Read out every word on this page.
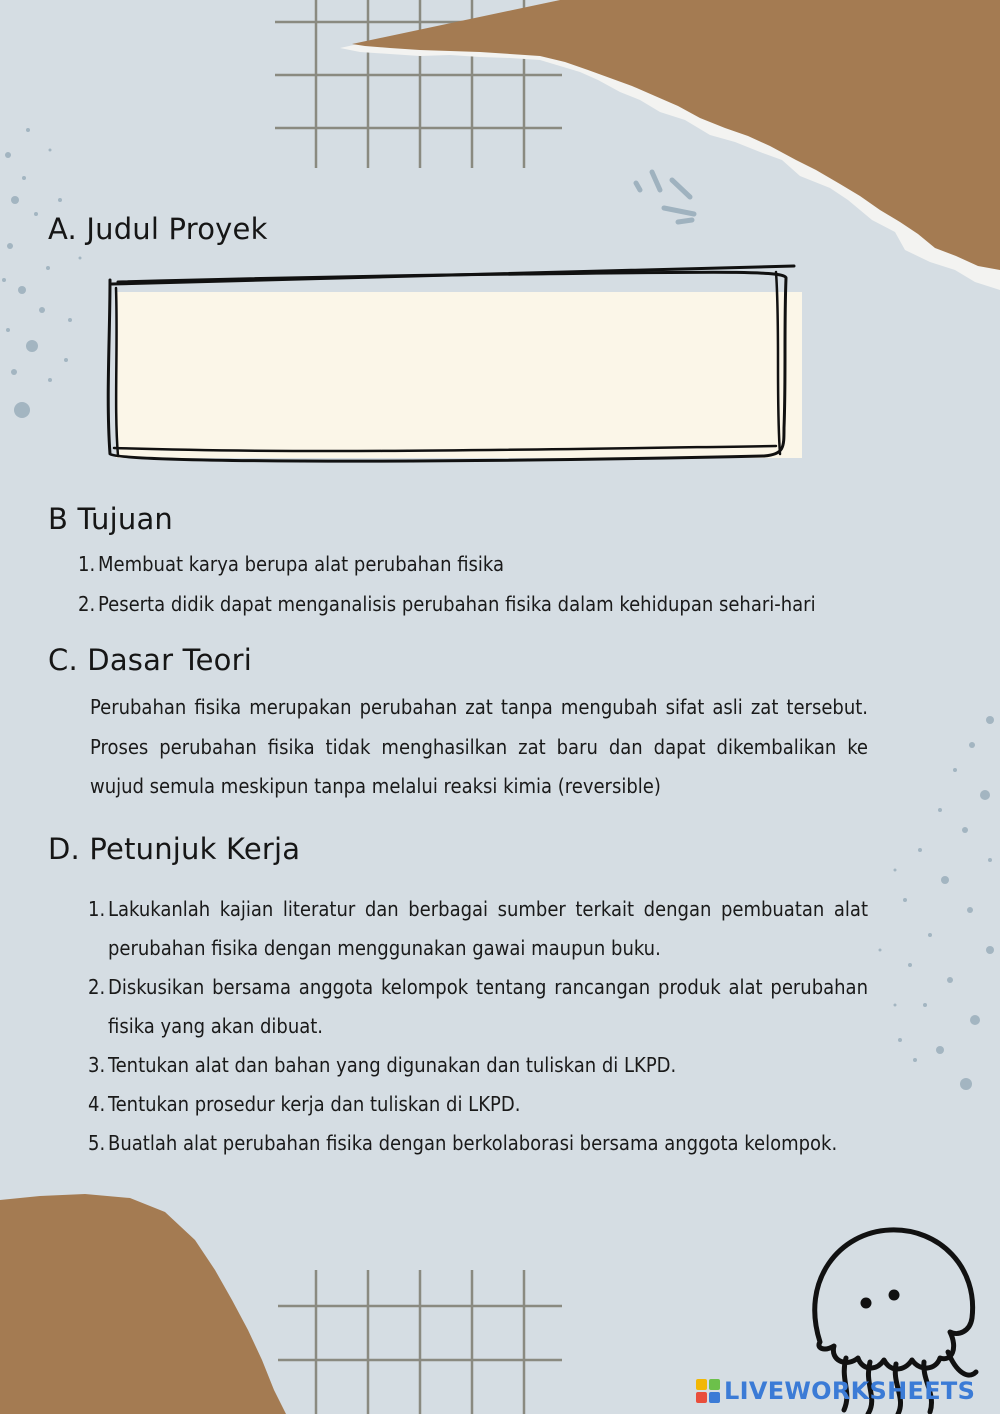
A. Judul Proyek
B Tujuan
1. Membuat karya berupa alat perubahan fisika
2. Peserta didik dapat menganalisis perubahan fisika dalam kehidupan sehari-hari
C. Dasar Teori

Perubahan fisika merupakan perubahan zat tanpa mengubah sifat asli zat tersebut. Proses perubahan fisika tidak menghasilkan zat baru dan dapat dikembalikan ke wujud semula meskipun tanpa melalui reaksi kimia (reversible)

D. Petunjuk Kerja
1. Lakukanlah kajian literatur dan berbagai sumber terkait dengan pembuatan alat perubahan fisika dengan menggunakan gawai maupun buku.
2. Diskusikan bersama anggota kelompok tentang rancangan produk alat perubahan fisika yang akan dibuat.
3. Tentukan alat dan bahan yang digunakan dan tuliskan di LKPD.
4. Tentukan prosedur kerja dan tuliskan di LKPD.
5. Buatlah alat perubahan fisika dengan berkolaborasi bersama anggota kelompok.
LIVEWORKSHEETS
